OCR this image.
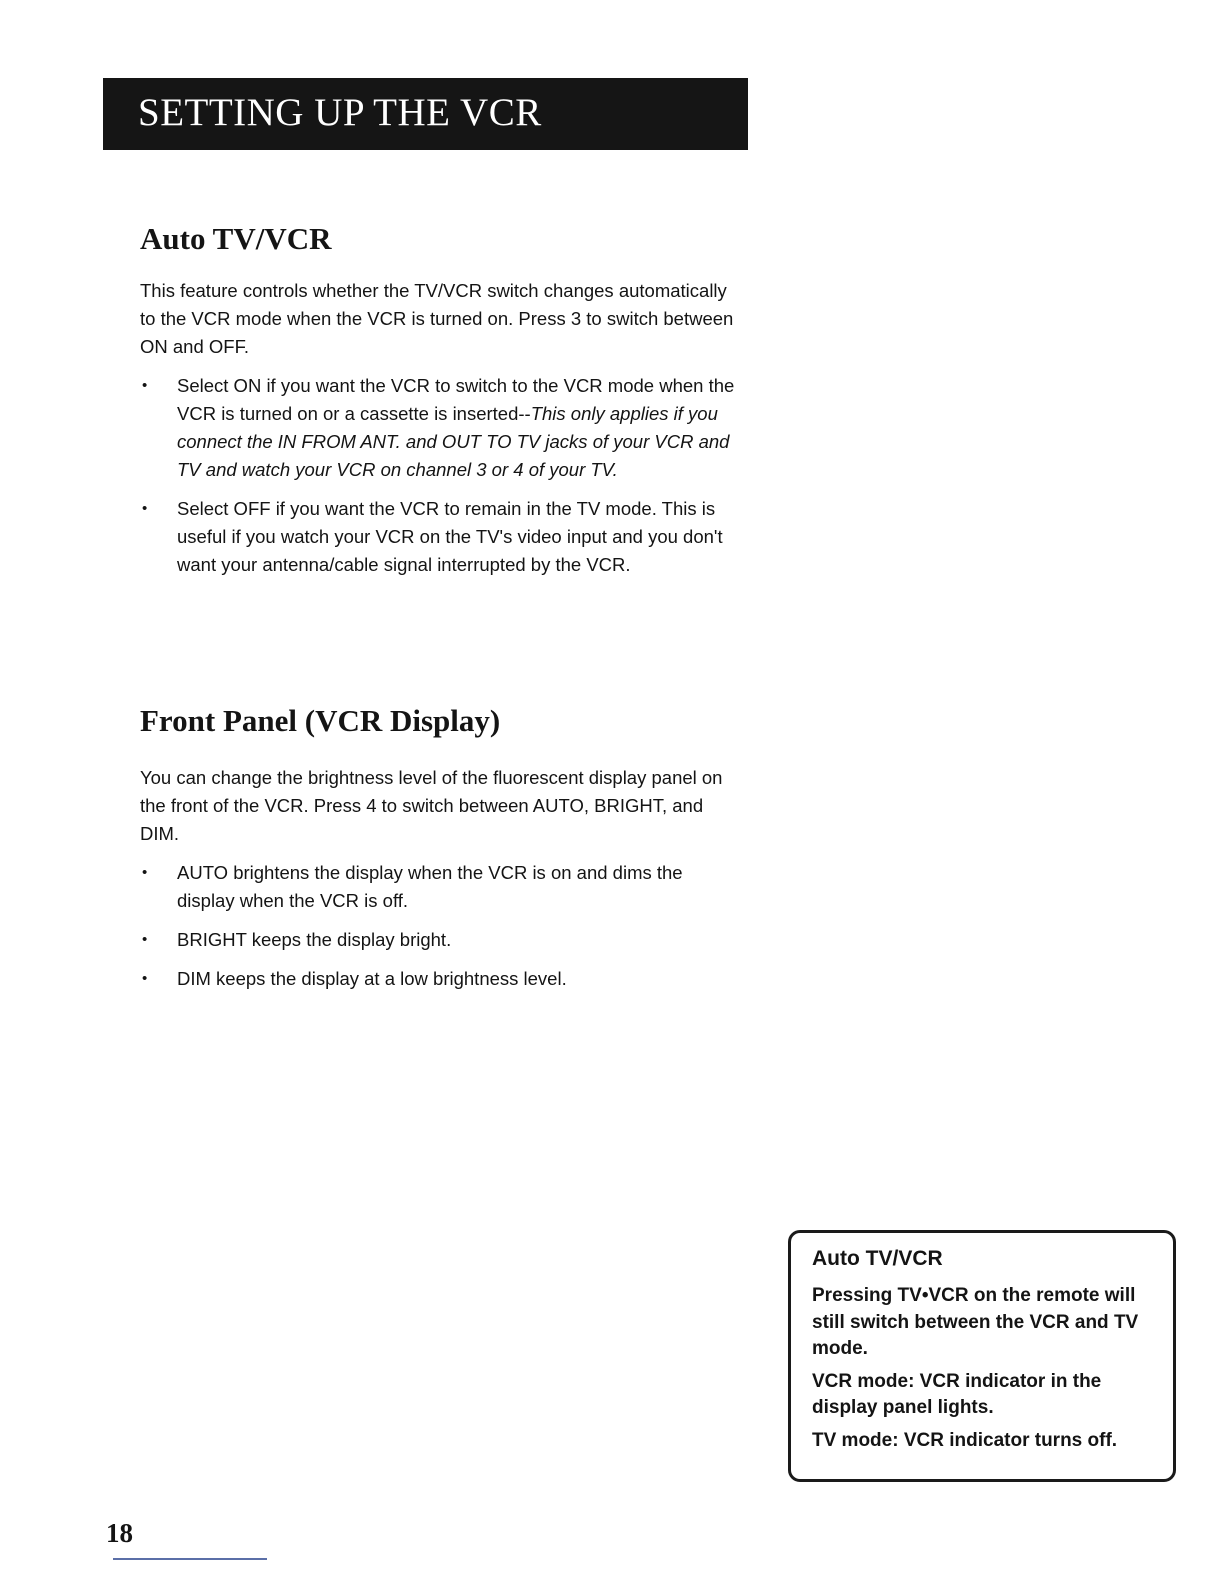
SETTING UP THE VCR
Auto TV/VCR

This feature controls whether the TV/VCR switch changes automatically to the VCR mode when the VCR is turned on. Press 3 to switch between ON and OFF.

• Select ON if you want the VCR to switch to the VCR mode when the VCR is turned on or a cassette is inserted--This only applies if you connect the IN FROM ANT. and OUT TO TV jacks of your VCR and TV and watch your VCR on channel 3 or 4 of your TV.
• Select OFF if you want the VCR to remain in the TV mode. This is useful if you watch your VCR on the TV's video input and you don't want your antenna/cable signal interrupted by the VCR.
Front Panel (VCR Display)

You can change the brightness level of the fluorescent display panel on the front of the VCR. Press 4 to switch between AUTO, BRIGHT, and DIM.

• AUTO brightens the display when the VCR is on and dims the display when the VCR is off.
• BRIGHT keeps the display bright.
• DIM keeps the display at a low brightness level.
Auto TV/VCR

Pressing TV•VCR on the remote will still switch between the VCR and TV mode.

VCR mode: VCR indicator in the display panel lights.

TV mode: VCR indicator turns off.

18
